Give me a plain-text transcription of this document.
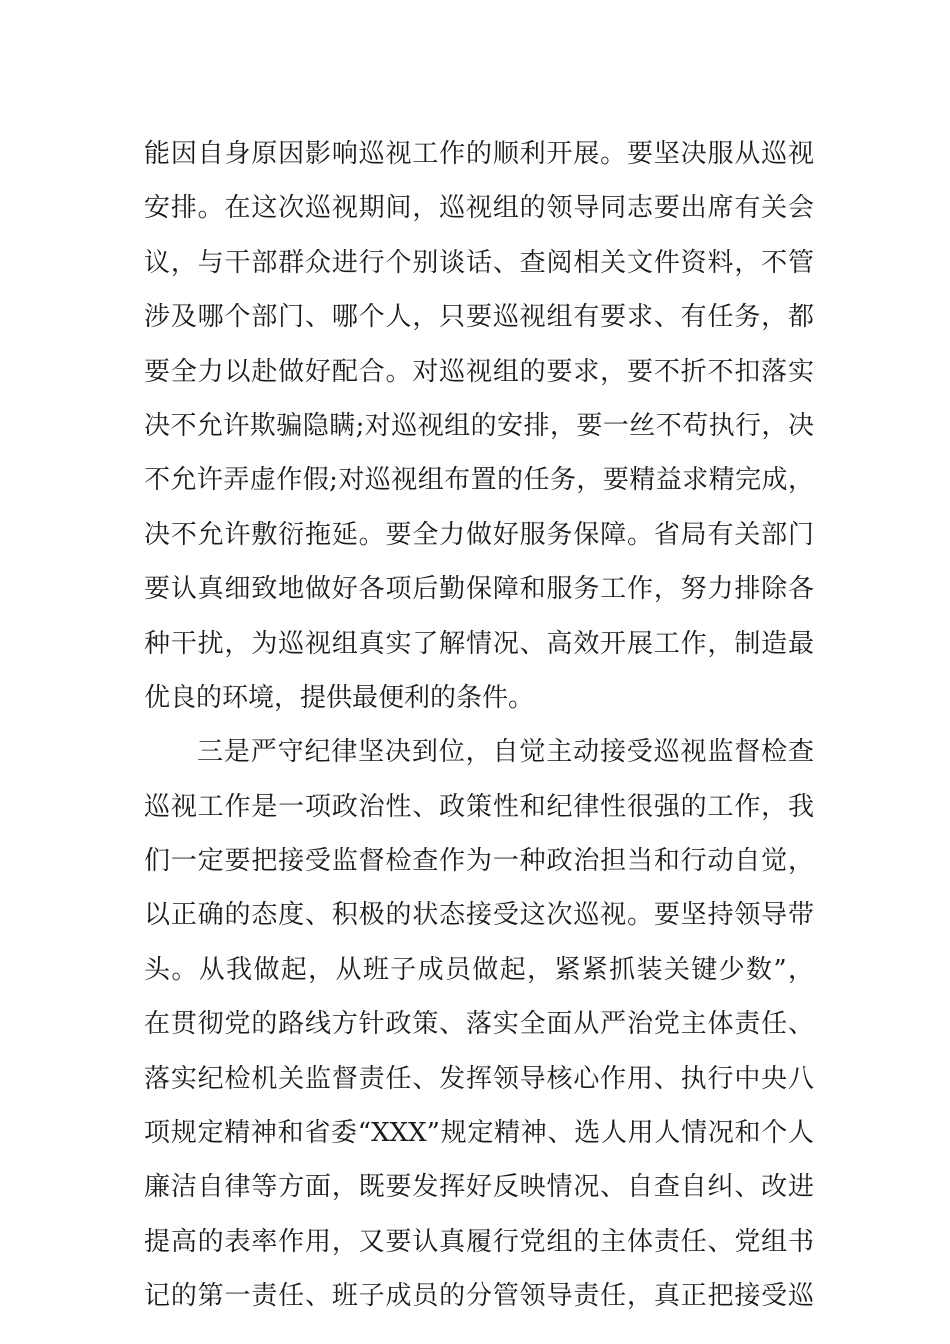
能因自身原因影响巡视工作的顺利开展。要坚决服从巡视
安排。在这次巡视期间，巡视组的领导同志要出席有关会
议，与干部群众进行个别谈话、查阅相关文件资料，不管
涉及哪个部门、哪个人，只要巡视组有要求、有任务，都
要全力以赴做好配合。对巡视组的要求，要不折不扣落实
决不允许欺骗隐瞒;对巡视组的安排，要一丝不苟执行，决
不允许弄虚作假;对巡视组布置的任务，要精益求精完成，
决不允许敷衍拖延。要全力做好服务保障。省局有关部门
要认真细致地做好各项后勤保障和服务工作，努力排除各
种干扰，为巡视组真实了解情况、高效开展工作，制造最
优良的环境，提供最便利的条件。
三是严守纪律坚决到位，自觉主动接受巡视监督检查
巡视工作是一项政治性、政策性和纪律性很强的工作，我
们一定要把接受监督检查作为一种政治担当和行动自觉，
以正确的态度、积极的状态接受这次巡视。要坚持领导带
头。从我做起，从班子成员做起，紧紧抓装关键少数”，
在贯彻党的路线方针政策、落实全面从严治党主体责任、
落实纪检机关监督责任、发挥领导核心作用、执行中央八
项规定精神和省委“XXX”规定精神、选人用人情况和个人
廉洁自律等方面，既要发挥好反映情况、自查自纠、改进
提高的表率作用，又要认真履行党组的主体责任、党组书
记的第一责任、班子成员的分管领导责任，真正把接受巡
